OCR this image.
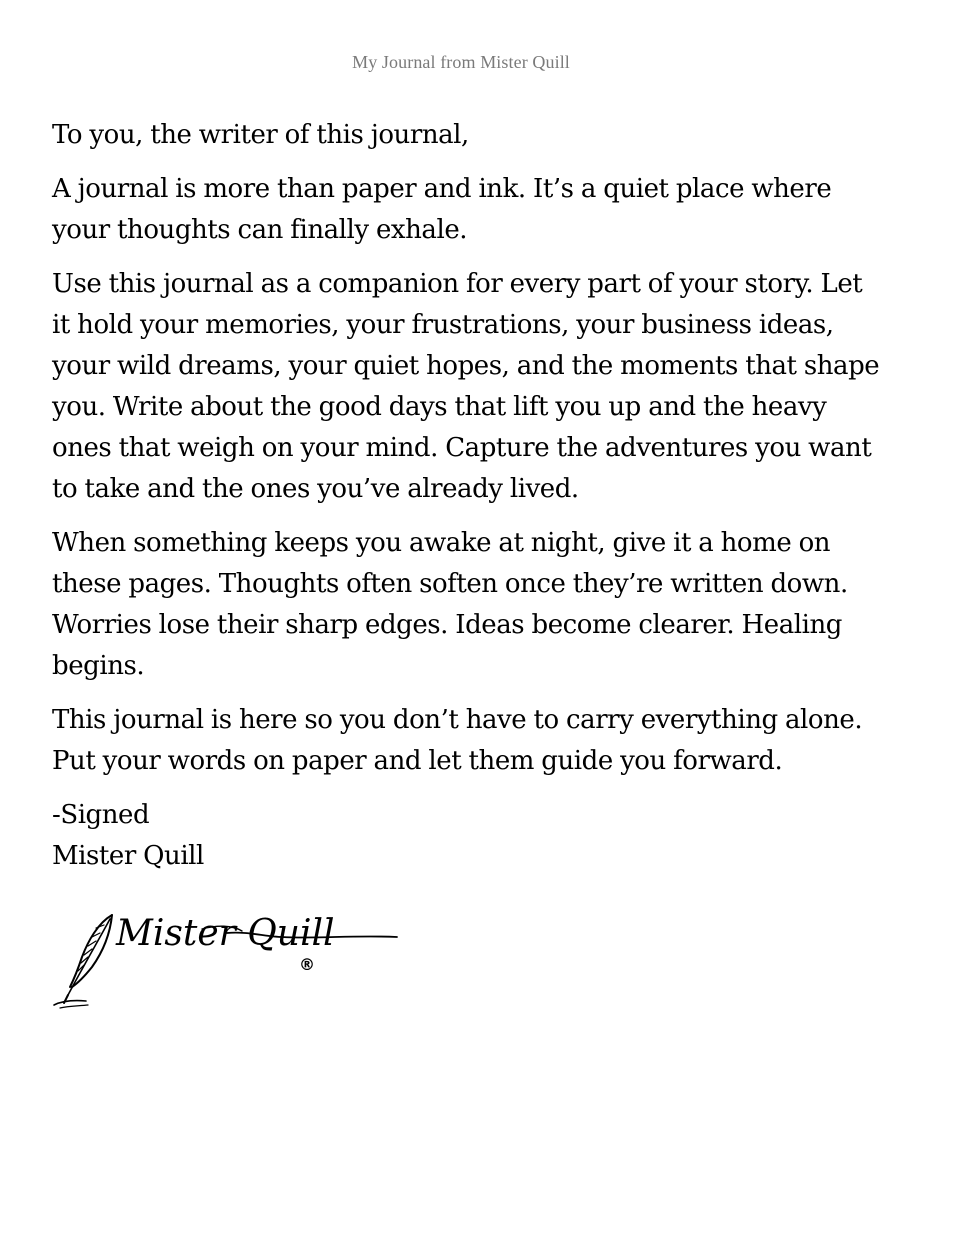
My Journal from Mister Quill

To you, the writer of this journal,

A journal is more than paper and ink. It’s a quiet place where your thoughts can finally exhale.

Use this journal as a companion for every part of your story. Let it hold your memories, your frustrations, your business ideas, your wild dreams, your quiet hopes, and the moments that shape you. Write about the good days that lift you up and the heavy ones that weigh on your mind. Capture the adventures you want to take and the ones you’ve already lived.

When something keeps you awake at night, give it a home on these pages. Thoughts often soften once they’re written down. Worries lose their sharp edges. Ideas become clearer. Healing begins.

This journal is here so you don’t have to carry everything alone. Put your words on paper and let them guide you forward.

-Signed
Mister Quill

Mister Quill
®
